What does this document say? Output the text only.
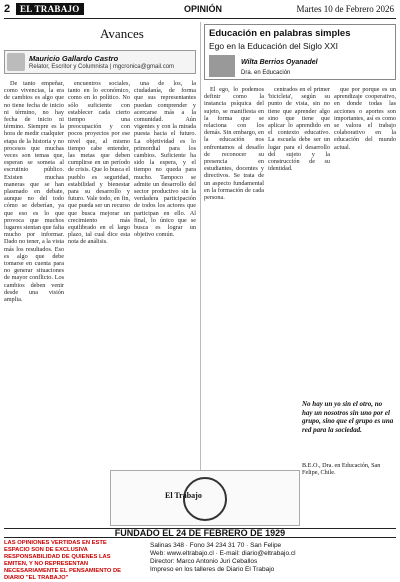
2	EL TRABAJO	OPINIÓN	Martes 10 de Febrero 2026
Avances
Mauricio Gallardo Castro
Relator, Escritor y Columnista | mgcronica@gmail.com

De tanto empeñar, como vivencias, la era de cambios es algo que no tiene fecha de inicio ni término, no hay fecha de inicio ni término. Siempre es la hora de medir cualquier etapa de la historia y no procesos que muchas veces son temas que, esperan se someta al escrutinio público. Existen muchas maneras que se han plasmado en debate, aunque no del todo cómo se deberían, ya que eso es lo que provoca que muchos lugares sientan que falta mucho por informar. Dado no tener, a la vista más los resultados. Eso es algo que debe tomarse en cuenta para no generar situaciones de mayor conflicto. Los cambios deben venir desde una visión amplia.

encuentros sociales, tanto en lo económico, como en lo político. No sólo suficiente con establecer cada cierto tiempo una preocupación y con pocos proyectos por ese nivel que, al mismo tiempo cabe entender, las metas que deben cumplirse en un período de crisis. Que lo busca el pueblo es seguridad, estabilidad y bienestar para su desarrollo y futuro. Vale todo, en fin, que pueda ser un recurso que busca mejorar un crecimiento más equilibrado en el largo plazo, tal cual dice esta nota de análisis.

una de los, la ciudadanía, de forma que sus representantes puedan comprender y acercarse más a la comunidad. Aún vigentes y con la mirada puesta hacia el futuro. La objetividad es lo primordial para los cambios. Suficiente ha sido la espera, y el tiempo no queda para mucho. Tampoco se admite un desarrollo del sector productivo sin la verdadera participación de todos los actores que participan en ello. Al final, lo único que se busca es lograr un objetivo común.

Educación en palabras simples
Ego en la Educación del Siglo XXI
Wilta Berrios Oyanadel
Dra. en Educación

El ego, lo podemos definir como la instancia psíquica del sujeto, se manifiesta en la forma que se relaciona con los demás. Sin embargo, en la educación nos enfrentamos al desafío de reconocer su presencia en estudiantes, docentes y directivos. Se trata de un aspecto fundamental en la formación de cada persona.

centrados en el primer 'bicicleta', según su punto de vista, sin no tiene que aprender algo sino que tiene que aplicar lo aprendido en el contexto educativo. La escuela debe ser un lugar para el desarrollo del sujeto y la construcción de su identidad.

que por porque es un aprendizaje cooperativo, en donde todas las acciones o aportes son importantes, así es como se valora el trabajo colaborativo en la educación del mundo actual.

No hay un yo sin el otro, no hay un nosotros sin uno por el grupo, sino que el grupo es una red para la sociedad.
B.E.O., Dra. en Educación, San Felipe, Chile.
El Trabajo
FUNDADO EL 24 DE FEBRERO DE 1929
Salinas 348 · Fono 34 234 31 70 · San Felipe
Web: www.eltrabajo.cl · E-mail: diario@eltrabajo.cl
Director: Marco Antonio Juri Ceballos
Impreso en los talleres de Diario El Trabajo
LAS OPINIONES VERTIDAS EN ESTE ESPACIO SON DE EXCLUSIVA RESPONSABILIDAD DE QUIENES LAS EMITEN, Y NO REPRESENTAN NECESARIAMENTE EL PENSAMIENTO DE DIARIO "EL TRABAJO"
